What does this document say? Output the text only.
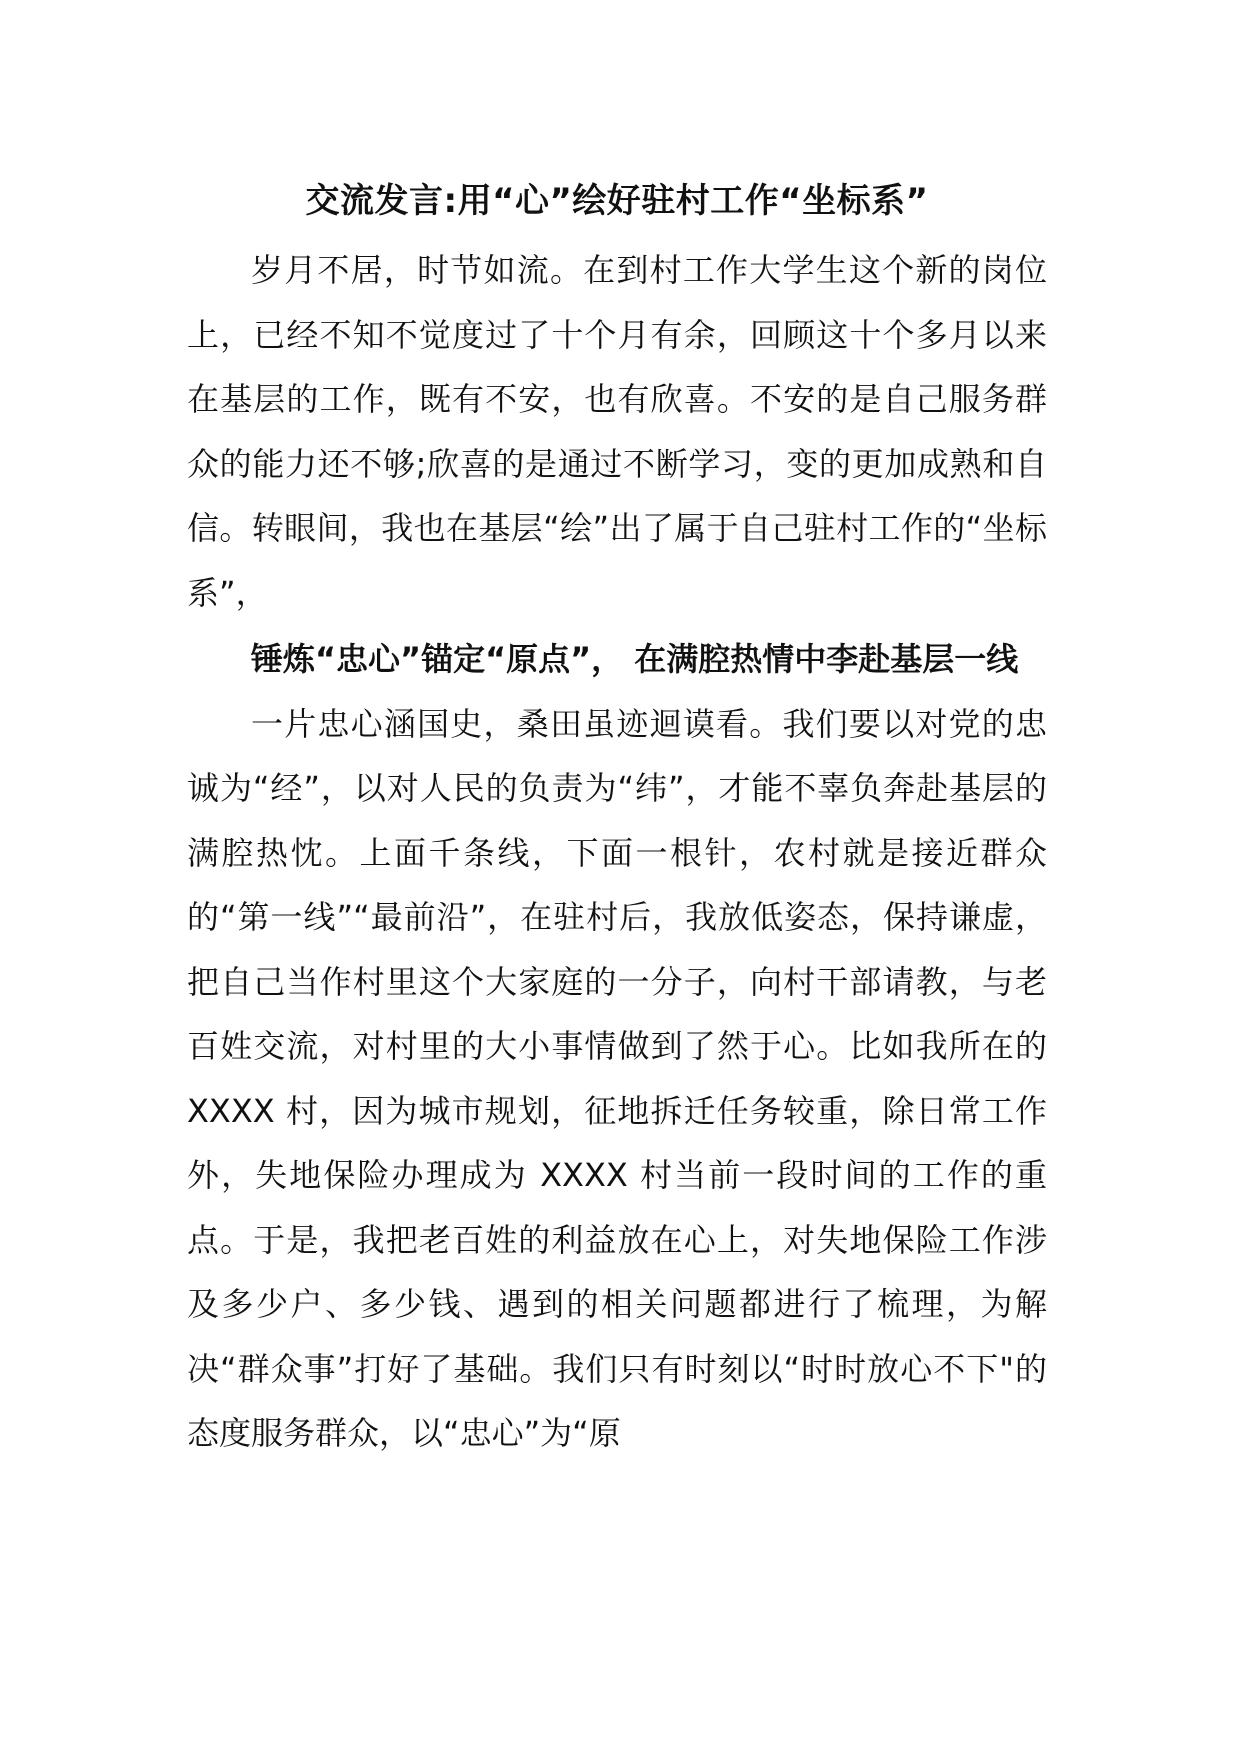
交流发言:用“心”绘好驻村工作“坐标系”

岁月不居，时节如流。在到村工作大学生这个新的岗位上，已经不知不觉度过了十个月有余，回顾这十个多月以来在基层的工作，既有不安，也有欣喜。不安的是自己服务群众的能力还不够;欣喜的是通过不断学习，变的更加成熟和自信。转眼间，我也在基层“绘”出了属于自己驻村工作的“坐标系”，

锤炼“忠心”锚定“原点”， 在满腔热情中李赴基层一线

一片忠心涵国史，桑田虽迹迴谟看。我们要以对党的忠诚为“经”，以对人民的负责为“纬”，才能不辜负奔赴基层的满腔热忱。上面千条线，下面一根针，农村就是接近群众的“第一线”“最前沿”，在驻村后，我放低姿态，保持谦虚，把自己当作村里这个大家庭的一分子，向村干部请教，与老百姓交流，对村里的大小事情做到了然于心。比如我所在的 XXXX 村，因为城市规划，征地拆迁任务较重，除日常工作外，失地保险办理成为 XXXX 村当前一段时间的工作的重点。于是，我把老百姓的利益放在心上，对失地保险工作涉及多少户、多少钱、遇到的相关问题都进行了梳理，为解决“群众事”打好了基础。我们只有时刻以“时时放心不下"的态度服务群众，以“忠心”为“原
